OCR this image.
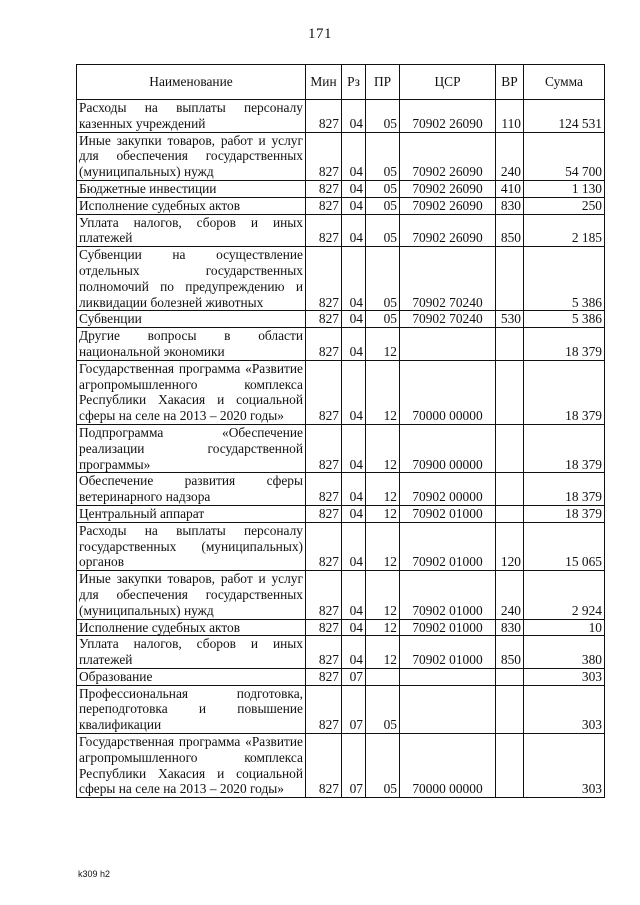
171
Наименование	Мин	Рз	ПР	ЦСР	ВР	Сумма
Расходы на выплаты персоналу казенных учреждений	827	04	05	70902 26090	110	124 531
Иные закупки товаров, работ и услуг для обеспечения государственных (муниципальных) нужд	827	04	05	70902 26090	240	54 700
Бюджетные инвестиции	827	04	05	70902 26090	410	1 130
Исполнение судебных актов	827	04	05	70902 26090	830	250
Уплата налогов, сборов и иных платежей	827	04	05	70902 26090	850	2 185
Субвенции на осуществление отдельных государственных полномочий по предупреждению и ликвидации болезней животных	827	04	05	70902 70240		5 386
Субвенции	827	04	05	70902 70240	530	5 386
Другие вопросы в области национальной экономики	827	04	12			18 379
Государственная программа «Развитие агропромышленного комплекса Республики Хакасия и социальной сферы на селе на 2013 – 2020 годы»	827	04	12	70000 00000		18 379
Подпрограмма «Обеспечение реализации государственной программы»	827	04	12	70900 00000		18 379
Обеспечение развития сферы ветеринарного надзора	827	04	12	70902 00000		18 379
Центральный аппарат	827	04	12	70902 01000		18 379
Расходы на выплаты персоналу государственных (муниципальных) органов	827	04	12	70902 01000	120	15 065
Иные закупки товаров, работ и услуг для обеспечения государственных (муниципальных) нужд	827	04	12	70902 01000	240	2 924
Исполнение судебных актов	827	04	12	70902 01000	830	10
Уплата налогов, сборов и иных платежей	827	04	12	70902 01000	850	380
Образование	827	07				303
Профессиональная подготовка, переподготовка и повышение квалификации	827	07	05			303
Государственная программа «Развитие агропромышленного комплекса Республики Хакасия и социальной сферы на селе на 2013 – 2020 годы»	827	07	05	70000 00000		303
k309 h2
